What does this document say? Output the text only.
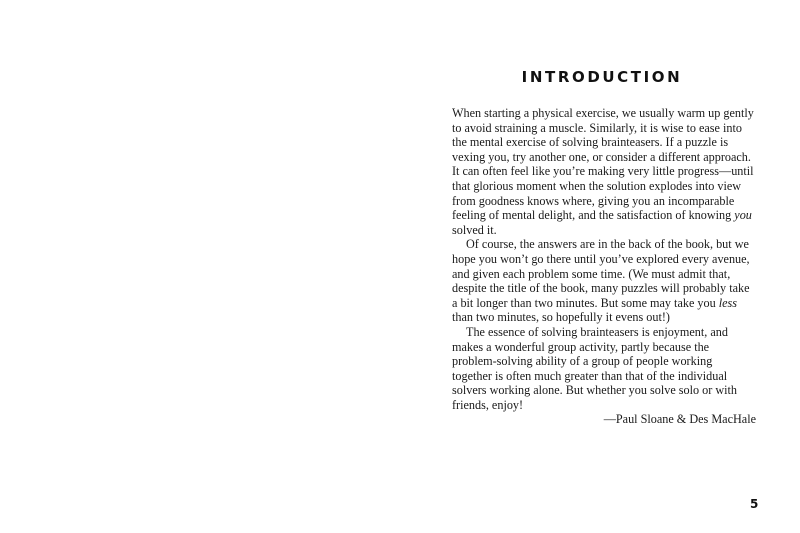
INTRODUCTION
When starting a physical exercise, we usually warm up gently
to avoid straining a muscle. Similarly, it is wise to ease into
the mental exercise of solving brainteasers. If a puzzle is
vexing you, try another one, or consider a different approach.
It can often feel like you’re making very little progress—until
that glorious moment when the solution explodes into view
from goodness knows where, giving you an incomparable
feeling of mental delight, and the satisfaction of knowing you
solved it.
Of course, the answers are in the back of the book, but we
hope you won’t go there until you’ve explored every avenue,
and given each problem some time. (We must admit that,
despite the title of the book, many puzzles will probably take
a bit longer than two minutes. But some may take you less
than two minutes, so hopefully it evens out!)
The essence of solving brainteasers is enjoyment, and
makes a wonderful group activity, partly because the
problem-solving ability of a group of people working
together is often much greater than that of the individual
solvers working alone. But whether you solve solo or with
friends, enjoy!
—Paul Sloane & Des MacHale
5
